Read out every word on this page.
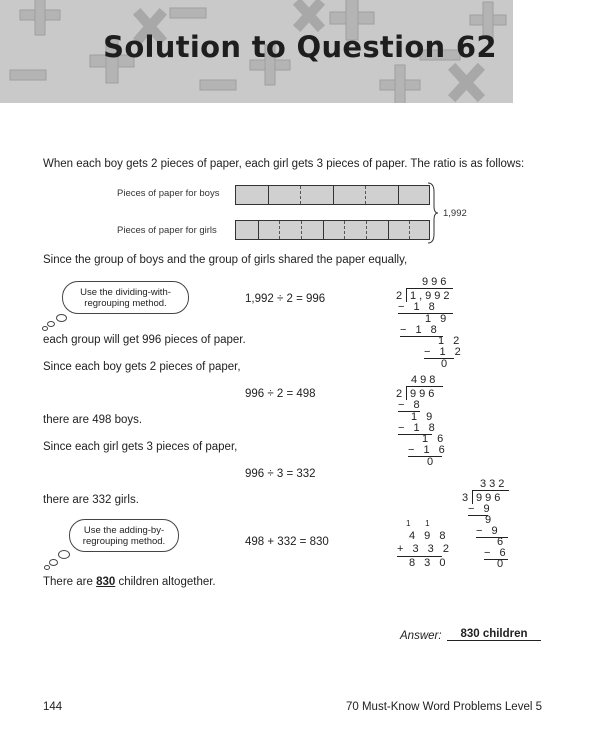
Solution to Question 62
When each boy gets 2 pieces of paper, each girl gets 3 pieces of paper. The ratio is as follows:
Pieces of paper for boys
Pieces of paper for girls
1,992
Since the group of boys and the group of girls shared the paper equally,
Use the dividing-with-
regrouping method.	1,992 ÷ 2 = 996
996
2 1,992
− 1 8
1 9
− 1 8
1 2
− 1 2
0
each group will get 996 pieces of paper.
Since each boy gets 2 pieces of paper,
996 ÷ 2 = 498
498
2 996
− 8
1 9
− 1 8
1 6
− 1 6
0
there are 498 boys.
Since each girl gets 3 pieces of paper,
996 ÷ 3 = 332
there are 332 girls.
332
3 996
− 9
9
− 9
6
− 6
0
Use the adding-by-
regrouping method.	498 + 332 = 830
1   1
4 9 8
+ 3 3 2
8 3 0
There are 830 children altogether.
Answer:	830 children
144	70 Must-Know Word Problems Level 5
